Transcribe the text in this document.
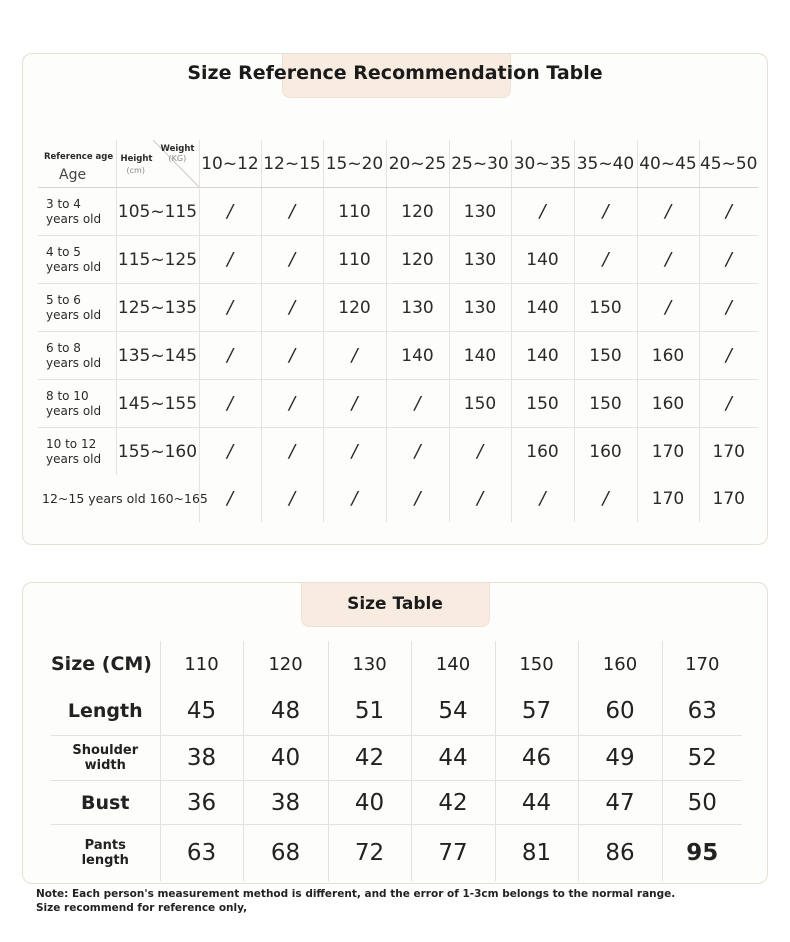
Size Reference Recommendation Table
Reference age
Age	Height
(cm)
Weight
(KG)	10~12	12~15	15~20	20~25	25~30	30~35	35~40	40~45	45~50

3 to 4
years old	105~115	/	/	110	120	130	/	/	/	/

4 to 5
years old	115~125	/	/	110	120	130	140	/	/	/

5 to 6
years old	125~135	/	/	120	130	130	140	150	/	/

6 to 8
years old	135~145	/	/	/	140	140	140	150	160	/

8 to 10
years old	145~155	/	/	/	/	150	150	150	160	/

10 to 12
years old	155~160	/	/	/	/	/	160	160	170	170
12~15 years old 160~165		/	/	/	/	/	/	/	170	170
Size Table
Size (CM)	110	120	130	140	150	160	170

Length	45	48	51	54	57	60	63

Shoulder
width	38	40	42	44	46	49	52

Bust	36	38	40	42	44	47	50

Pants
length	63	68	72	77	81	86	95
Note: Each person's measurement method is different, and the error of 1-3cm belongs to the normal range.
Size recommend for reference only,
